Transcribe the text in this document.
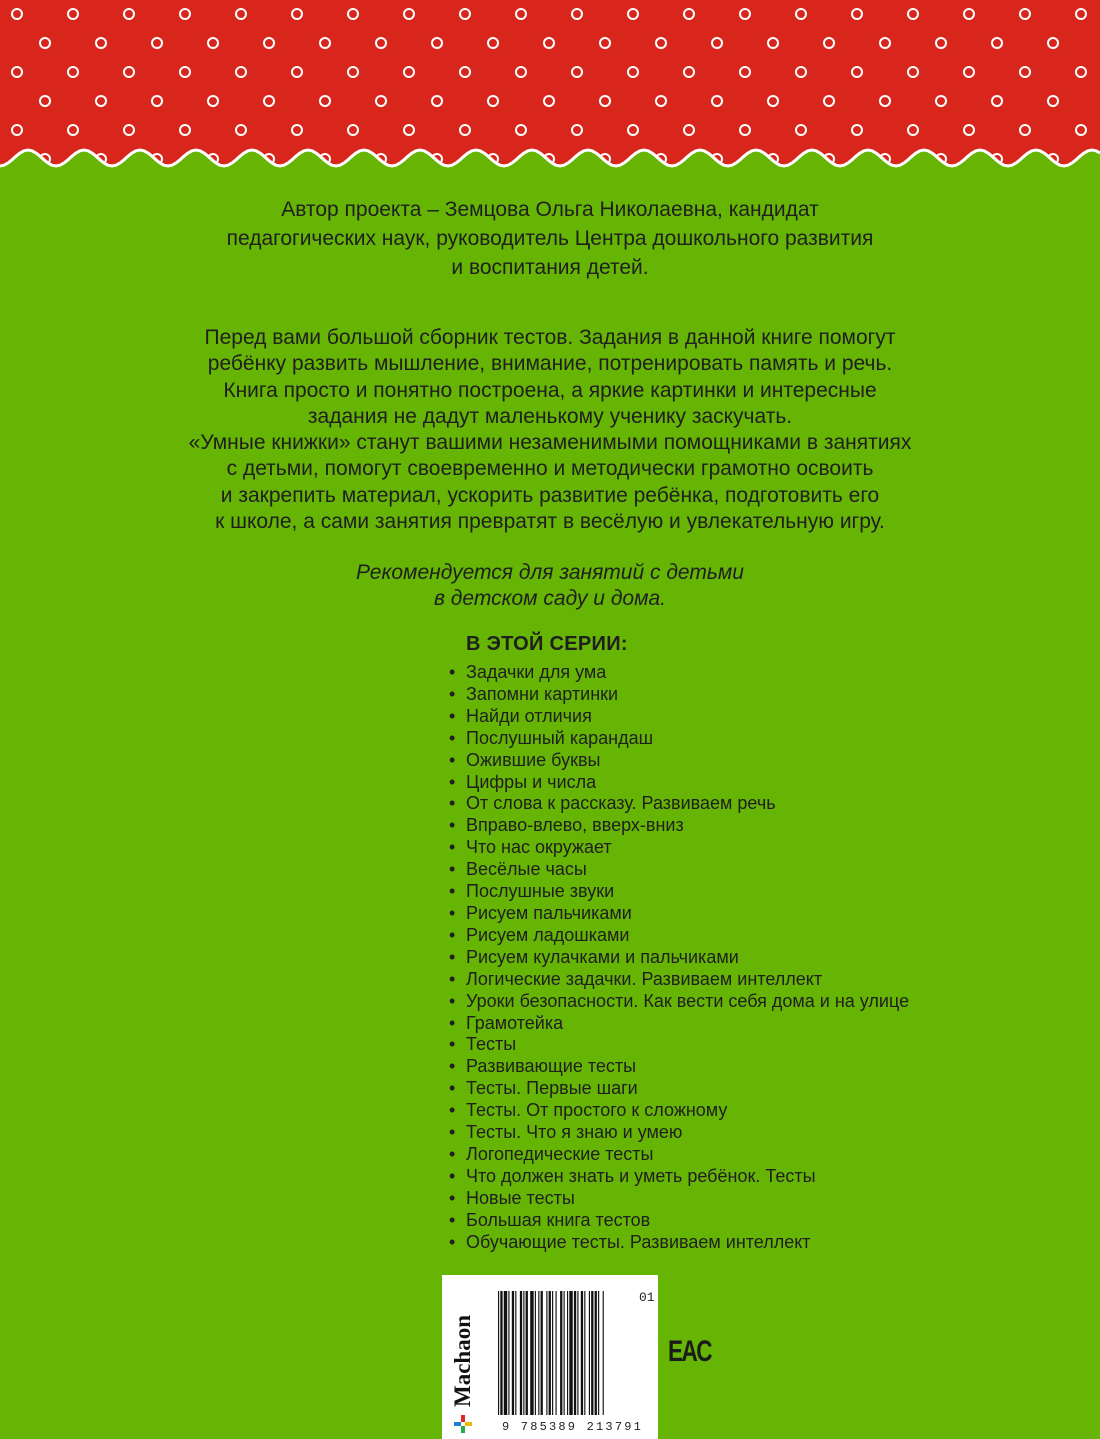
Автор проекта – Земцова Ольга Николаевна, кандидат
педагогических наук, руководитель Центра дошкольного развития
и воспитания детей.
Перед вами большой сборник тестов. Задания в данной книге помогут
ребёнку развить мышление, внимание, потренировать память и речь.
Книга просто и понятно построена, а яркие картинки и интересные
задания не дадут маленькому ученику заскучать.
«Умные книжки» станут вашими незаменимыми помощниками в занятиях
с детьми, помогут своевременно и методически грамотно освоить
и закрепить материал, ускорить развитие ребёнка, подготовить его
к школе, а сами занятия превратят в весёлую и увлекательную игру.
Рекомендуется для занятий с детьми
в детском саду и дома.
В ЭТОЙ СЕРИИ:
• Задачки для ума
• Запомни картинки
• Найди отличия
• Послушный карандаш
• Ожившие буквы
• Цифры и числа
• От слова к рассказу. Развиваем речь
• Вправо-влево, вверх-вниз
• Что нас окружает
• Весёлые часы
• Послушные звуки
• Рисуем пальчиками
• Рисуем ладошками
• Рисуем кулачками и пальчиками
• Логические задачки. Развиваем интеллект
• Уроки безопасности. Как вести себя дома и на улице
• Грамотейка
• Тесты
• Развивающие тесты
• Тесты. Первые шаги
• Тесты. От простого к сложному
• Тесты. Что я знаю и умею
• Логопедические тесты
• Что должен знать и уметь ребёнок. Тесты
• Новые тесты
• Большая книга тестов
• Обучающие тесты. Развиваем интеллект
Machaon
01
9 785389 213791
EAC
